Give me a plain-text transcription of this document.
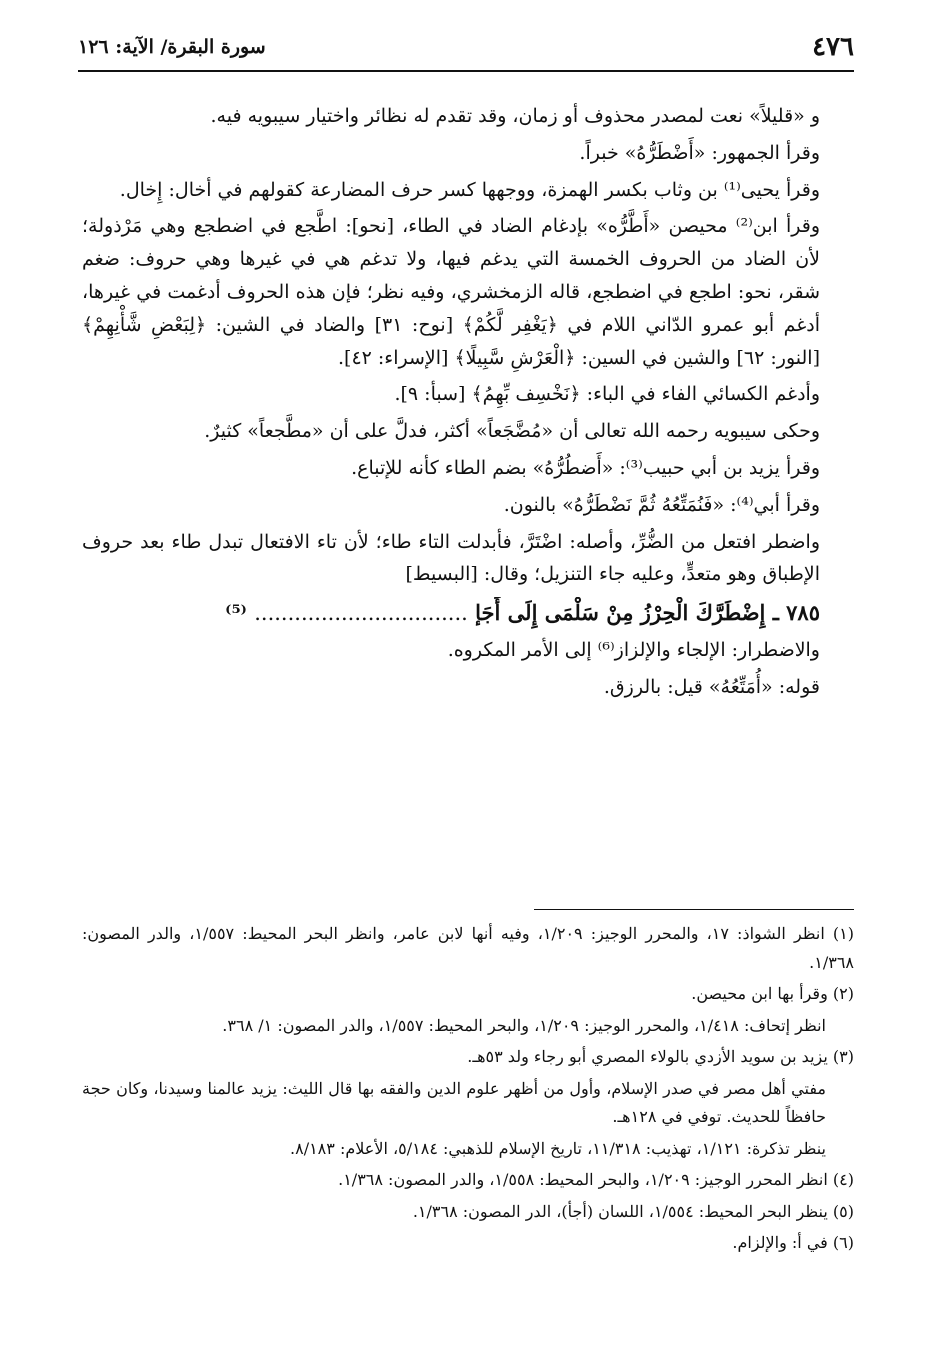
٤٧٦
سورة البقرة/ الآية: ١٢٦

و «قليلاً» نعت لمصدر محذوف أو زمان، وقد تقدم له نظائر واختيار سيبويه فيه.

وقرأ الجمهور: «أَضْطَرُّهُ» خبراً.

وقرأ يحيى⁽¹⁾ بن وثاب بكسر الهمزة، ووجهها كسر حرف المضارعة كقولهم في أخال: إِخال.

وقرأ ابن⁽²⁾ محيصن «أَطَّرُّه» بإدغام الضاد في الطاء، [نحو]: اطَّجع في اضطجع وهي مَرْذولة؛ لأن الضاد من الحروف الخمسة التي يدغم فيها، ولا تدغم هي في غيرها وهي حروف: ضغم شقر، نحو: اطجع في اضطجع، قاله الزمخشري، وفيه نظر؛ فإن هذه الحروف أدغمت في غيرها، أدغم أبو عمرو الدّاني اللام في ﴿يَغْفِر لَّكُمْ﴾ [نوح: ٣١] والضاد في الشين: ﴿لِبَعْضِ شَّأْنِهِمْ﴾ [النور: ٦٢] والشين في السين: ﴿الْعَرْشِ سَّبِيلًا﴾ [الإسراء: ٤٢].

وأدغم الكسائي الفاء في الباء: ﴿نَخْسِف بِّهِمُ﴾ [سبأ: ٩].

وحكى سيبويه رحمه الله تعالى أن «مُضَّجَعاً» أكثر، فدلَّ على أن «مطَّجعاً» كثيرٌ.

وقرأ يزيد بن أبي حبيب⁽³⁾: «أَضطُرُّهُ» بضم الطاء كأنه للإتباع.

وقرأ أبي⁽⁴⁾: «فَنُمَتِّعُهُ ثُمَّ نَضْطَرُّهُ» بالنون.

واضطر افتعل من الضُّرِّ، وأصله: اضْتَرَّ، فأبدلت التاء طاء؛ لأن تاء الافتعال تبدل طاء بعد حروف الإطباق وهو متعدٍّ، وعليه جاء التنزيل؛ وقال: [البسيط]

٧٨٥ ـ إِضْطَرَّكَ الْحِرْزُ مِنْ سَلْمَى إِلَى أَجَإ ................................ ⁽⁵⁾

والاضطرار: الإلجاء والإلزاز⁽⁶⁾ إلى الأمر المكروه.

قوله: «أُمَتِّعُهُ» قيل: بالرزق.

(١) انظر الشواذ: ١٧، والمحرر الوجيز: ١/٢٠٩، وفيه أنها لابن عامر، وانظر البحر المحيط: ١/٥٥٧، والدر المصون: ١/٣٦٨.
(٢) وقرأ بها ابن محيصن.
انظر إتحاف: ١/٤١٨، والمحرر الوجيز: ١/٢٠٩، والبحر المحيط: ١/٥٥٧، والدر المصون: ١/ ٣٦٨.
(٣) يزيد بن سويد الأزدي بالولاء المصري أبو رجاء ولد ٥٣هـ.
مفتي أهل مصر في صدر الإسلام، وأول من أظهر علوم الدين والفقه بها قال الليث: يزيد عالمنا وسيدنا، وكان حجة حافظاً للحديث. توفي في ١٢٨هـ.
ينظر تذكرة: ١/١٢١، تهذيب: ١١/٣١٨، تاريخ الإسلام للذهبي: ٥/١٨٤، الأعلام: ٨/١٨٣.
(٤) انظر المحرر الوجيز: ١/٢٠٩، والبحر المحيط: ١/٥٥٨، والدر المصون: ١/٣٦٨.
(٥) ينظر البحر المحيط: ١/٥٥٤، اللسان (أجأ)، الدر المصون: ١/٣٦٨.
(٦) في أ: والإلزام.
